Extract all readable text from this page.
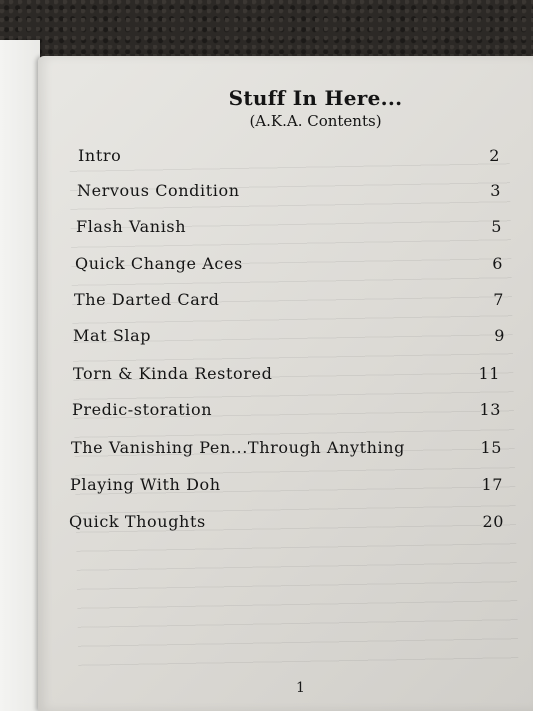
Stuff In Here...
(A.K.A. Contents)
Intro	2
Nervous Condition	3
Flash Vanish	5
Quick Change Aces	6
The Darted Card	7
Mat Slap	9
Torn & Kinda Restored	11
Predic-storation	13
The Vanishing Pen...Through Anything	15
Playing With Doh	17
Quick Thoughts	20
1
